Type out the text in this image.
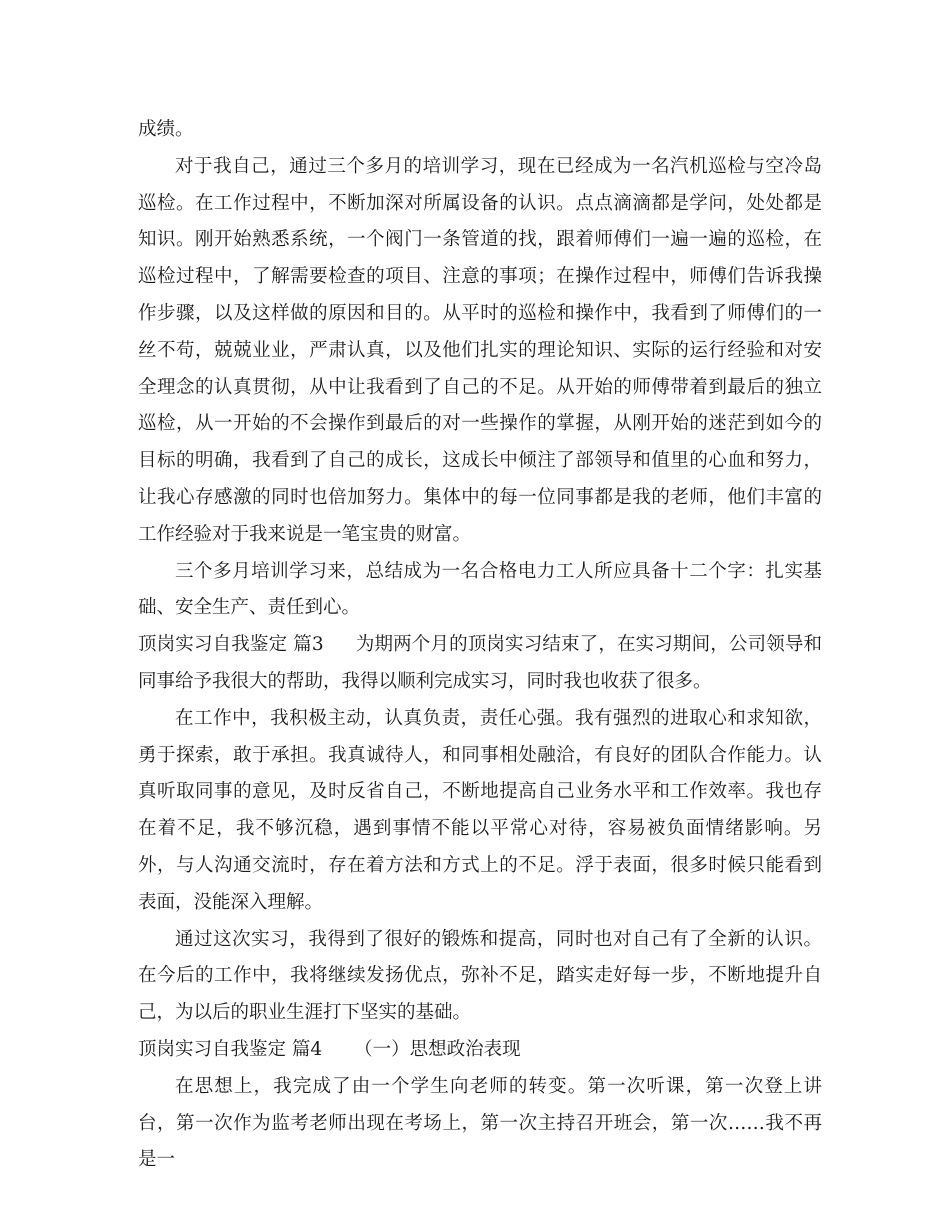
成绩。

对于我自己，通过三个多月的培训学习，现在已经成为一名汽机巡检与空冷岛巡检。在工作过程中，不断加深对所属设备的认识。点点滴滴都是学问，处处都是知识。刚开始熟悉系统，一个阀门一条管道的找，跟着师傅们一遍一遍的巡检，在巡检过程中，了解需要检查的项目、注意的事项；在操作过程中，师傅们告诉我操作步骤，以及这样做的原因和目的。从平时的巡检和操作中，我看到了师傅们的一丝不苟，兢兢业业，严肃认真，以及他们扎实的理论知识、实际的运行经验和对安全理念的认真贯彻，从中让我看到了自己的不足。从开始的师傅带着到最后的独立巡检，从一开始的不会操作到最后的对一些操作的掌握，从刚开始的迷茫到如今的目标的明确，我看到了自己的成长，这成长中倾注了部领导和值里的心血和努力，让我心存感激的同时也倍加努力。集体中的每一位同事都是我的老师，他们丰富的工作经验对于我来说是一笔宝贵的财富。

三个多月培训学习来，总结成为一名合格电力工人所应具备十二个字：扎实基础、安全生产、责任到心。

顶岗实习自我鉴定 篇3 为期两个月的顶岗实习结束了，在实习期间，公司领导和同事给予我很大的帮助，我得以顺利完成实习，同时我也收获了很多。

在工作中，我积极主动，认真负责，责任心强。我有强烈的进取心和求知欲，勇于探索，敢于承担。我真诚待人，和同事相处融洽，有良好的团队合作能力。认真听取同事的意见，及时反省自己，不断地提高自己业务水平和工作效率。我也存在着不足，我不够沉稳，遇到事情不能以平常心对待，容易被负面情绪影响。另外，与人沟通交流时，存在着方法和方式上的不足。浮于表面，很多时候只能看到表面，没能深入理解。

通过这次实习，我得到了很好的锻炼和提高，同时也对自己有了全新的认识。在今后的工作中，我将继续发扬优点，弥补不足，踏实走好每一步，不断地提升自己，为以后的职业生涯打下坚实的基础。

顶岗实习自我鉴定 篇4 （一）思想政治表现

在思想上，我完成了由一个学生向老师的转变。第一次听课，第一次登上讲台，第一次作为监考老师出现在考场上，第一次主持召开班会，第一次……我不再是一
